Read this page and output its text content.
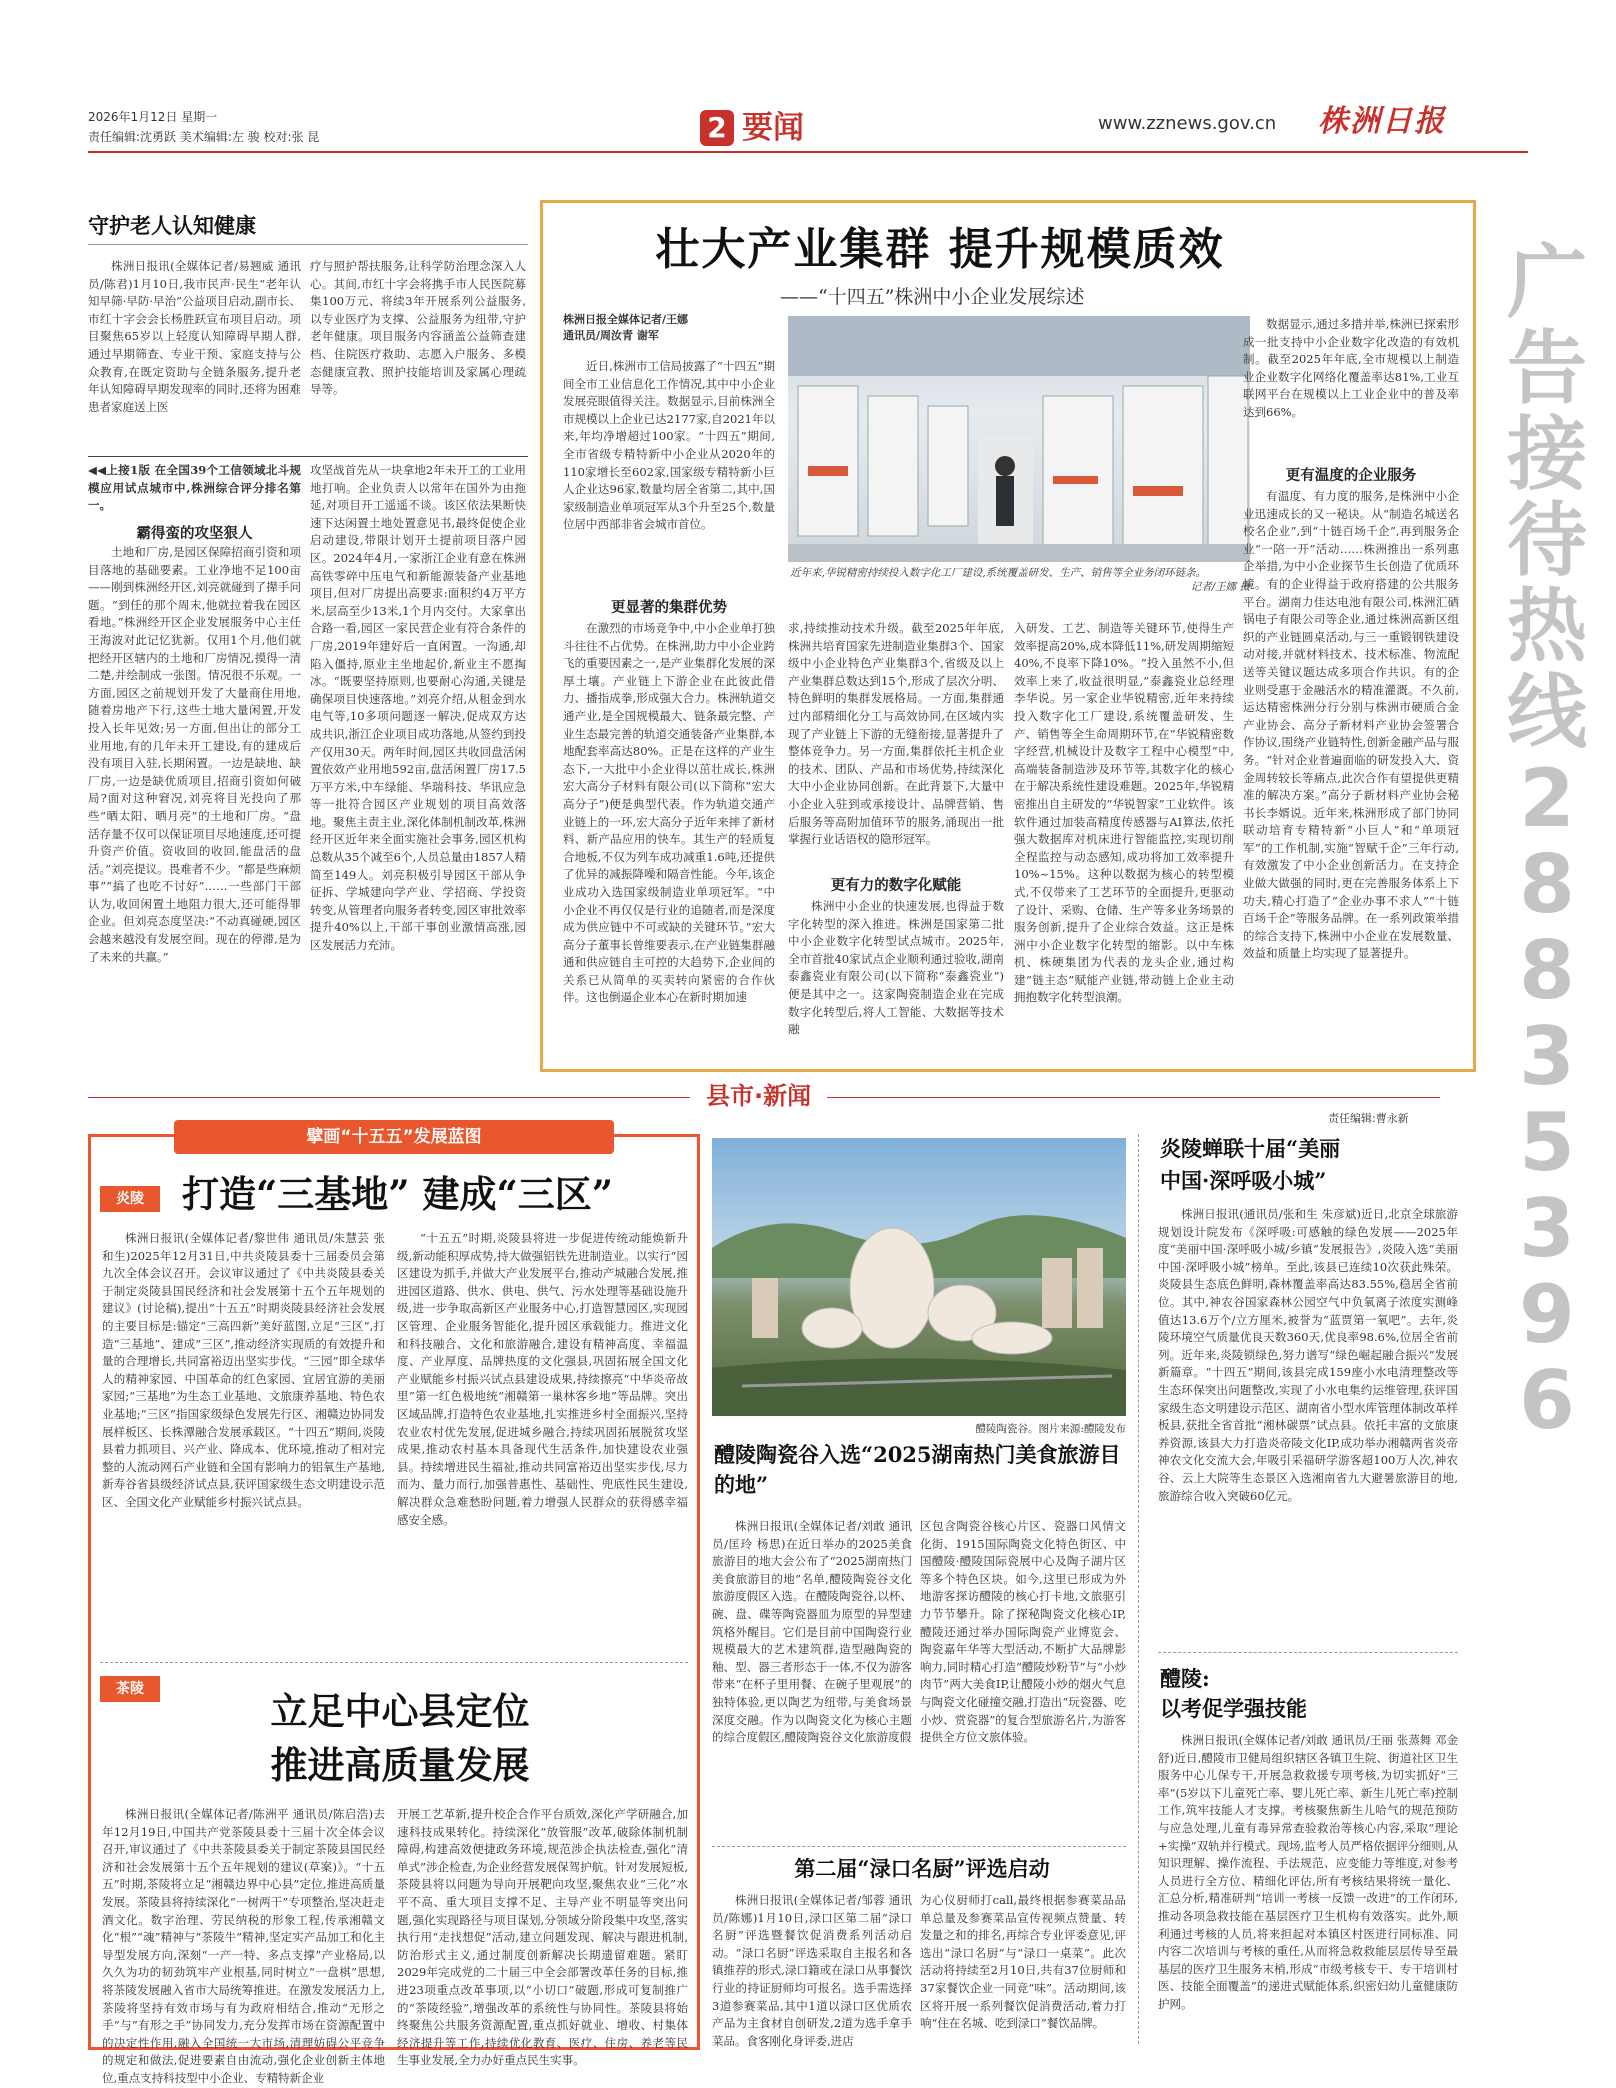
2026年1月12日 星期一
责任编辑:沈勇跃 美术编辑:左 骏 校对:张 昆	2 要闻	www.zznews.gov.cn 株洲日报
广
告
接
待
热
线
2
8
8
3
5
3
9
6
守护老人认知健康

株洲日报讯(全媒体记者/易翘威 通讯员/陈君)1月10日,我市民声·民生“老年认知早筛·早防·早治”公益项目启动,副市长、市红十字会会长杨胜跃宣布项目启动。项目聚焦65岁以上轻度认知障碍早期人群,通过早期筛查、专业干预、家庭支持与公众教育,在既定资助与全链条服务,提升老年认知障碍早期发现率的同时,还将为困难患者家庭送上医

疗与照护帮扶服务,让科学防治理念深入人心。其间,市红十字会将携手市人民医院募集100万元、将续3年开展系列公益服务,以专业医疗为支撑、公益服务为纽带,守护老年健康。项目服务内容涵盖公益筛查建档、住院医疗救助、志愿入户服务、多模态健康宣教、照护技能培训及家属心理疏导等。

◀◀上接1版 在全国39个工信领域北斗规模应用试点城市中,株洲综合评分排名第一。

霸得蛮的攻坚狠人

土地和厂房,是园区保障招商引资和项目落地的基础要素。工业净地不足100亩——刚到株洲经开区,刘亮就碰到了撵手问题。“到任的那个周末,他就拉着我在园区看地。”株洲经开区企业发展服务中心主任王海波对此记忆犹新。仅用1个月,他们就把经开区辖内的土地和厂房情况,摸得一清二楚,并绘制成一张图。情况很不乐观。一方面,园区之前规划开发了大量商住用地,随着房地产下行,这些土地大量闲置,开发投入长年见效;另一方面,但出让的部分工业用地,有的几年未开工建设,有的建成后没有项目入驻,长期闲置。一边是缺地、缺厂房,一边是缺优质项目,招商引资如何破局?面对这种窘况,刘亮将目光投向了那些“晒太阳、晒月亮”的土地和厂房。“盘活存量不仅可以保证项目尽地速度,还可提升资产价值。资收回的收回,能盘活的盘活。”刘亮提议。畏难者不少。“都是些麻烦事”“搞了也吃不讨好”……一些部门干部认为,收回闲置土地阻力很大,还可能得罪企业。但刘亮态度坚决:“不动真碰硬,园区会越来越没有发展空间。现在的停滞,是为了未来的共赢。”

攻坚战首先从一块拿地2年未开工的工业用地打响。企业负责人以常年在国外为由拖延,对项目开工遥遥不谈。该区依法果断快速下达闲置土地处置意见书,最终促使企业启动建设,带限计划开土提前项目落户园区。2024年4月,一家浙江企业有意在株洲高铁零碎中压电气和新能源装备产业基地项目,但对厂房提出高要求:面积约4万平方米,层高至少13米,1个月内交付。大家拿出合路一看,园区一家民营企业有符合条件的厂房,2019年建好后一直闲置。一沟通,却陷入僵持,原业主坐地起价,新业主不愿掏冰。“既要坚持原则,也要耐心沟通,关键是确保项目快速落地。”刘亮介绍,从租金到水电气等,10多项问题逐一解决,促成双方达成共识,浙江企业项目成功落地,从签约到投产仅用30天。两年时间,园区共收回盘活闲置依效产业用地592亩,盘活闲置厂房17.5万平方米,中车绿能、华瑞科技、华讯应急等一批符合园区产业规划的项目高效落地。聚焦主责主业,深化体制机制改革,株洲经开区近年来全面实施社会事务,园区机构总数从35个减至6个,人员总量由1857人精简至149人。刘亮积极引导园区干部从争征拆、学城建向学产业、学招商、学投资转变,从管理者向服务者转变,园区审批效率提升40%以上,干部干事创业激情高涨,园区发展活力充沛。

壮大产业集群 提升规模质效
——“十四五”株洲中小企业发展综述
株洲日报全媒体记者/王娜
通讯员/周汝青 谢军

近日,株洲市工信局披露了“十四五”期间全市工业信息化工作情况,其中中小企业发展亮眼值得关注。数据显示,目前株洲全市规模以上企业已达2177家,自2021年以来,年均净增超过100家。“十四五”期间,全市省级专精特新中小企业从2020年的110家增长至602家,国家级专精特新小巨人企业达96家,数量均居全省第二,其中,国家级制造业单项冠军从3个升至25个,数量位居中西部非省会城市首位。

近年来,华锐精密持续投入数字化工厂建设,系统覆盖研发、生产、销售等全业务闭环链条。
记者/王娜 摄
更显著的集群优势

在激烈的市场竞争中,中小企业单打独斗往往不占优势。在株洲,助力中小企业跨飞的重要因素之一,是产业集群化发展的深厚土壤。产业链上下游企业在此彼此借力、播指成拳,形成强大合力。株洲轨道交通产业,是全国规模最大、链条最完整、产业生态最完善的轨道交通装备产业集群,本地配套率高达80%。正是在这样的产业生态下,一大批中小企业得以茁壮成长,株洲宏大高分子材料有限公司(以下简称“宏大高分子”)便是典型代表。作为轨道交通产业链上的一环,宏大高分子近年来摔了新材料、新产品应用的快车。其生产的轻质复合地板,不仅为列车成功减重1.6吨,还提供了优异的减振降噪和隔音性能。今年,该企业成功入选国家级制造业单项冠军。“中小企业不再仅仅是行业的追随者,而是深度成为供应链中不可或缺的关键环节。”宏大高分子董事长曾维要表示,在产业链集群融通和供应链自主可控的大趋势下,企业间的关系已从简单的买卖转向紧密的合作伙伴。这也倒逼企业本心在新时期加速

求,持续推动技术升级。截至2025年年底,株洲共培育国家先进制造业集群3个、国家级中小企业特色产业集群3个,省级及以上产业集群总数达到15个,形成了层次分明、特色鲜明的集群发展格局。一方面,集群通过内部精细化分工与高效协同,在区域内实现了产业链上下游的无缝衔接,显著提升了整体竞争力。另一方面,集群依托主机企业的技术、团队、产品和市场优势,持续深化大中小企业协同创新。在此背景下,大量中小企业入驻到或承接设计、品牌营销、售后服务等高附加值环节的服务,涌现出一批掌握行业话语权的隐形冠军。

更有力的数字化赋能

株洲中小企业的快速发展,也得益于数字化转型的深入推进。株洲是国家第二批中小企业数字化转型试点城市。2025年,全市首批40家试点企业顺利通过验收,湖南泰鑫瓷业有限公司(以下简称“泰鑫瓷业”)便是其中之一。这家陶瓷制造企业在完成数字化转型后,将人工智能、大数据等技术融

入研发、工艺、制造等关键环节,使得生产效率提高20%,成本降低11%,研发周期缩短40%,不良率下降10%。“投入虽然不小,但效率上来了,收益很明显,”泰鑫瓷业总经理李华说。另一家企业华锐精密,近年来持续投入数字化工厂建设,系统覆盖研发、生产、销售等全生命周期环节,在“华锐精密数字经营,机械设计及数字工程中心模型”中,高端装备制造涉及环节等,其数字化的核心在于解决系统性建设难题。2025年,华锐精密推出自主研发的“华锐智家”工业软件。该软件通过加装高精度传感器与AI算法,依托强大数据库对机床进行智能监控,实现切削全程监控与动态感知,成功将加工效率提升10%~15%。这种以数据为核心的转型模式,不仅带来了工艺环节的全面提升,更驱动了设计、采购、仓储、生产等多业务场景的服务创新,提升了企业综合效益。这正是株洲中小企业数字化转型的缩影。以中车株机、株硬集团为代表的龙头企业,通过构建“链主态”赋能产业链,带动链上企业主动拥抱数字化转型浪潮。

数据显示,通过多措并举,株洲已探索形成一批支持中小企业数字化改造的有效机制。截至2025年年底,全市规模以上制造业企业数字化网络化覆盖率达81%,工业互联网平台在规模以上工业企业中的普及率达到66%。

更有温度的企业服务

有温度、有力度的服务,是株洲中小企业迅速成长的又一秘诀。从“制造名城送名校名企业”,到“十链百场千企”,再到服务企业“一陪一开”活动……株洲推出一系列惠企举措,为中小企业探节生长创造了优质环境。有的企业得益于政府搭建的公共服务平台。湖南力佳达电池有限公司,株洲汇硒锅电子有限公司等企业,通过株洲高新区组织的产业链圆桌活动,与三一重锻钢铁建设动对接,并就材料技术、技术标准、物流配送等关键议题达成多项合作共识。有的企业则受惠于金融活水的精准灌溉。不久前,运达精密株洲分行分别与株洲市硬质合金产业协会、高分子新材料产业协会签署合作协议,围绕产业链特性,创新金融产品与服务。“针对企业普遍面临的研发投入大、资金周转较长等痛点,此次合作有望提供更精准的解决方案。”高分子新材料产业协会秘书长李婿说。近年来,株洲形成了部门协同联动培育专精特新“小巨人”和“单项冠军”的工作机制,实施“智赋千企”三年行动,有效激发了中小企业创新活力。在支持企业做大做强的同时,更在完善服务体系上下功夫,精心打造了“企业办事不求人”“十链百场千企”等服务品牌。在一系列政策举措的综合支持下,株洲中小企业在发展数量、效益和质量上均实现了显著提升。

县市·新闻
责任编辑:曹永新
擘画“十五五”发展蓝图
炎陵	打造“三基地” 建成“三区”

株洲日报讯(全媒体记者/黎世伟 通讯员/朱慧芸 张和生)2025年12月31日,中共炎陵县委十三届委员会第九次全体会议召开。会议审议通过了《中共炎陵县委关于制定炎陵县国民经济和社会发展第十五个五年规划的建议》(讨论稿),提出“十五五”时期炎陵县经济社会发展的主要目标是:锚定“三高四新”美好蓝图,立足“三区”,打造“三基地”、建成“三区”,推动经济实现质的有效提升和量的合理增长,共同富裕迈出坚实步伐。“三园”即全球华人的精神家园、中国革命的红色家园、宜居宜游的美丽家园;“三基地”为生态工业基地、文旅康养基地、特色农业基地;“三区”指国家级绿色发展先行区、湘赣边协同发展样板区、长株潭融合发展承载区。“十四五”期间,炎陵县着力抓项目、兴产业、降成本、优环境,推动了相对完整的人流动网石产业链和全国有影响力的铝氧生产基地,新寿谷省县级经济试点县,获评国家级生态文明建设示范区、全国文化产业赋能乡村振兴试点县。

“十五五”时期,炎陵县将进一步促进传统动能焕新升级,新动能积厚成势,持大做强铝铁先进制造业。以实行“园区建设为抓手,并做大产业发展平台,推动产城融合发展,推进园区道路、供水、供电、供气、污水处理等基础设施升级,进一步争取高新区产业服务中心,打造智慧园区,实现园区管理、企业服务智能化,提升园区承载能力。推进文化和科技融合、文化和旅游融合,建设有精神高度、幸福温度、产业厚度、品牌热度的文化强县,巩固拓展全国文化产业赋能乡村振兴试点县建设成果,持续擦亮“中华炎帝故里”第一红色极地统“湘赣第一巢林客乡地”等品牌。突出区域品牌,打造特色农业基地,扎实推进乡村全面振兴,坚持农业农村优先发展,促进城乡融合,持续巩固拓展脱贫攻坚成果,推动农村基本具备现代生活条件,加快建设农业强县。持续增进民生福祉,推动共同富裕迈出坚实步伐,尽力而为、量力而行,加强普惠性、基础性、兜底性民生建设,解决群众急难愁盼问题,着力增强人民群众的获得感幸福感安全感。

茶陵	立足中心县定位
推进高质量发展

株洲日报讯(全媒体记者/陈洲平 通讯员/陈启浩)去年12月19日,中国共产党茶陵县委十三届十次全体会议召开,审议通过了《中共茶陵县委关于制定茶陵县国民经济和社会发展第十五个五年规划的建议(草案)》。“十五五”时期,茶陵将立足“湘赣边界中心县”定位,推进高质量发展。茶陵县将持续深化“一树两干”专项整治,坚决赶走酒文化。数字治理、劳民纳税的形象工程,传承湘赣文化“根”“魂”精神与“茶陵牛”精神,坚定实产品加工和化主导型发展方向,深刻“一产一特、多点支撑”产业格局,以久久为功的韧劲筑牢产业根基,同时树立“一盘棋”思想,将茶陵发展融入省市大局统筹推进。在激发发展活力上,茶陵将坚持有效市场与有为政府相结合,推动“无形之手”与“有形之手”协同发力,充分发挥市场在资源配置中的决定性作用,融入全国统一大市场,清理妨碍公平竞争的规定和做法,促进要素自由流动,强化企业创新主体地位,重点支持科技型中小企业、专精特新企业

开展工艺革新,提升校企合作平台质效,深化产学研融合,加速科技成果转化。持续深化“放管服”改革,破除体制机制障碍,构建高效便捷政务环境,规范涉企执法检查,强化“清单式”涉企检查,为企业经营发展保驾护航。针对发展短板,茶陵县将以问题为导向开展靶向攻坚,聚焦农业“三化”水平不高、重大项目支撑不足、主导产业不明显等突出问题,强化实现路径与项目谋划,分领域分阶段集中攻坚,落实执行用“走找想促”活动,建立问题发现、解决与跟进机制,防治形式主义,通过制度创新解决长期遗留难题。紧盯2029年完成党的二十届三中全会部署改革任务的目标,推进23项重点改革事项,以“小切口”破题,形成可复制推广的“茶陵经验”,增强改革的系统性与协同性。茶陵县将始终聚焦公共服务资源配置,重点抓好就业、增收、村集体经济提升等工作,持续优化教育、医疗、住房、养老等民生事业发展,全力办好重点民生实事。

醴陵陶瓷谷。图片来源:醴陵发布
醴陵陶瓷谷入选“2025湖南热门美食旅游目的地”

株洲日报讯(全媒体记者/刘敢 通讯员/匡玲 杨思)在近日举办的2025美食旅游目的地大会公布了“2025湖南热门美食旅游目的地”名单,醴陵陶瓷谷文化旅游度假区入选。在醴陵陶瓷谷,以杯、碗、盘、碟等陶瓷器皿为原型的异型建筑格外醒目。它们是目前中国陶瓷行业规模最大的艺术建筑群,造型融陶瓷的釉、型、器三者形态于一体,不仅为游客带来“在杯子里用餐、在碗子里观展”的独特体验,更以陶艺为纽带,与美食场景深度交融。作为以陶瓷文化为核心主题的综合度假区,醴陵陶瓷谷文化旅游度假

区包含陶瓷谷核心片区、瓷器口风情文化街、1915国际陶瓷文化特色街区、中国醴陵·醴陵国际瓷展中心及陶子湖片区等多个特色区块。如今,这里已形成为外地游客探访醴陵的核心打卡地,文旅驱引力节节攀升。除了探秘陶瓷文化核心IP,醴陵还通过举办国际陶瓷产业博览会、陶瓷嘉年华等大型活动,不断扩大品牌影响力,同时精心打造“醴陵炒粉节”与“小炒肉节”两大美食IP,让醴陵小炒的烟火气息与陶瓷文化碰撞交融,打造出“玩瓷器、吃小炒、赏瓷器”的复合型旅游名片,为游客提供全方位文旅体验。

第二届“渌口名厨”评选启动

株洲日报讯(全媒体记者/邹蓉 通讯员/陈娜)1月10日,渌口区第二届“渌口名厨”评选暨餐饮促消费系列活动启动。“渌口名厨”评选采取自主报名和各镇推荐的形式,渌口籍或在渌口从事餐饮行业的持证厨师均可报名。选手需选择3道参赛菜品,其中1道以渌口区优质农产品为主食材自创研发,2道为选手拿手菜品。食客刚化身评委,进店

为心仪厨师打call,最终根据参赛菜品品单总量及参赛菜品宣传视频点赞量、转发量之和的排名,再综合专业评委意见,评选出“渌口名厨”与“渌口一桌菜”。此次活动将持续至2月10日,共有37位厨师和37家餐饮企业一同竞“味”。活动期间,该区将开展一系列餐饮促消费活动,着力打响“住在名城、吃到渌口”餐饮品牌。

炎陵蝉联十届“美丽
中国·深呼吸小城”

株洲日报讯(通讯员/张和生 朱彦斌)近日,北京全球旅游规划设计院发布《深呼吸:可感触的绿色发展——2025年度“美丽中国·深呼吸小城/乡镇”发展报告》,炎陵入选“美丽中国·深呼吸小城”榜单。至此,该县已连续10次获此殊荣。炎陵县生态底色鲜明,森林覆盖率高达83.55%,稳居全省前位。其中,神农谷国家森林公园空气中负氧离子浓度实测峰值达13.6万个/立方厘米,被誉为“蓝贾第一氧吧”。去年,炎陵环境空气质量优良天数360天,优良率98.6%,位居全省前列。近年来,炎陵锁绿色,努力谱写“绿色崛起融合振兴”发展新篇章。“十四五”期间,该县完成159座小水电清理整改等生态环保突出问题整改,实现了小水电集约运维管理,获评国家级生态文明建设示范区、湖南省小型水库管理体制改革样板县,获批全省首批“湘林碳票”试点县。依托丰富的文旅康养资源,该县大力打造炎帝陵文化IP,成功举办湘赣两省炎帝神农文化交流大会,年吸引采福研学游客超100万人次,神农谷、云上大院等生态景区入选湘南省九大避暑旅游目的地,旅游综合收入突破60亿元。

醴陵:
以考促学强技能

株洲日报讯(全媒体记者/刘敢 通讯员/王丽 张蒸舞 邓金舒)近日,醴陵市卫健局组织辖区各镇卫生院、街道社区卫生服务中心儿保专干,开展急救救援专项考核,为切实抓好“三率”(5岁以下儿童死亡率、婴儿死亡率、新生儿死亡率)控制工作,筑牢技能人才支撑。考核聚焦新生儿哈气的规范预防与应急处理,儿童有毒异常查验救治等核心内容,采取“理论+实操”双轨并行模式。现场,监考人员严格依据评分细则,从知识理解、操作流程、手法规范、应变能力等维度,对参考人员进行全方位、精细化评估,所有考核结果将统一量化、汇总分析,精准研判“培训一考核一反馈一改进”的工作闭环,推动各项急救技能在基层医疗卫生机构有效落实。此外,顺利通过考核的人员,将来担起对本镇区村医进行同标准、同内容二次培训与考核的重任,从而将急救救能层层传导至最基层的医疗卫生服务末梢,形成“市级考核专干、专干培训村医、技能全面覆盖”的递进式赋能体系,织密妇幼儿童健康防护网。
